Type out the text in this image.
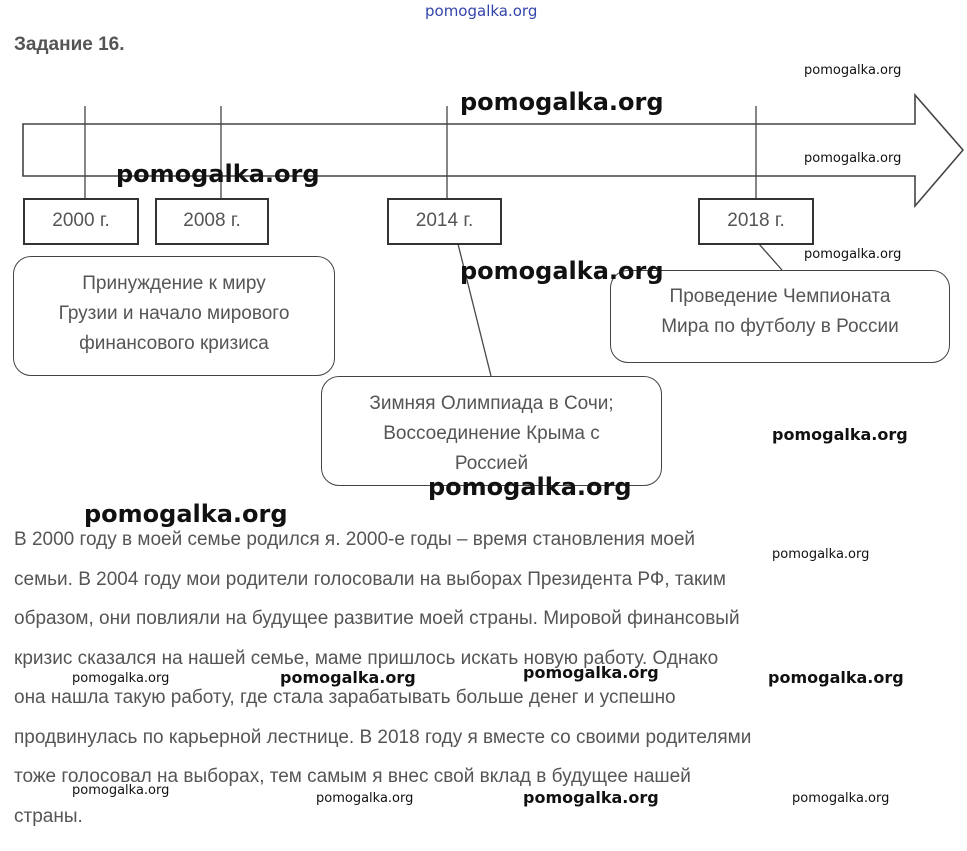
Задание 16.
2000 г.	2008 г.	2014 г.	2018 г.
Принуждение к миру
Грузии и начало мирового
финансового кризиса
Зимняя Олимпиада в Сочи;
Воссоединение Крыма с
Россией
Проведение Чемпионата
Мира по футболу в России

В 2000 году в моей семье родился я. 2000-е годы – время становления моей

семьи. В 2004 году мои родители голосовали на выборах Президента РФ, таким

образом, они повлияли на будущее развитие моей страны. Мировой финансовый

кризис сказался на нашей семье, маме пришлось искать новую работу. Однако

она нашла такую работу, где стала зарабатывать больше денег и успешно

продвинулась по карьерной лестнице. В 2018 году я вместе со своими родителями

тоже голосовал на выборах, тем самым я внес свой вклад в будущее нашей

страны.

pomogalka.org
pomogalka.org
pomogalka.org
pomogalka.org
pomogalka.org
pomogalka.org
pomogalka.org
pomogalka.org
pomogalka.org
pomogalka.org
pomogalka.org
pomogalka.org
pomogalka.org	pomogalka.org	pomogalka.org
pomogalka.org
pomogalka.org	pomogalka.org	pomogalka.org
